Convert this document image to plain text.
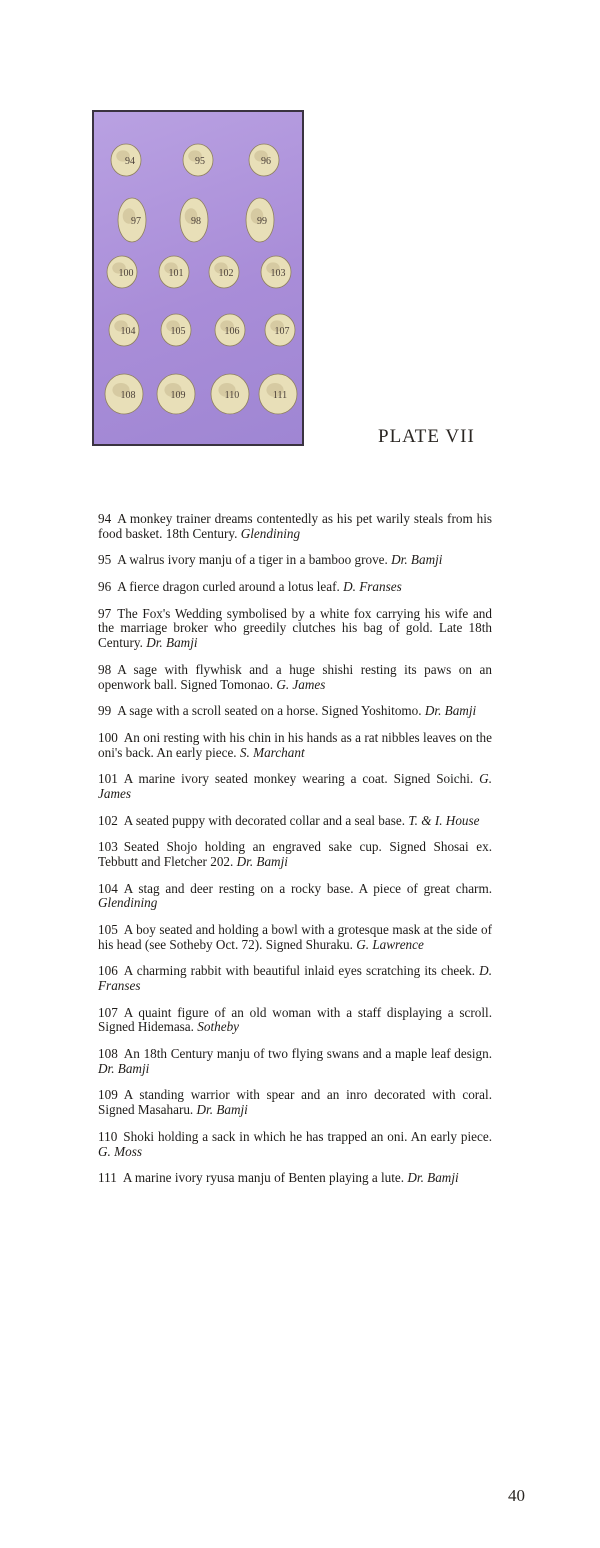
94	95	96
97	98	99
100	101	102	103
104	105	106	107
108	109	110	111
PLATE VII

94 A monkey trainer dreams contentedly as his pet warily steals from his food basket. 18th Century. Glendining

95 A walrus ivory manju of a tiger in a bamboo grove. Dr. Bamji

96 A fierce dragon curled around a lotus leaf. D. Franses

97 The Fox's Wedding symbolised by a white fox carrying his wife and the marriage broker who greedily clutches his bag of gold. Late 18th Century. Dr. Bamji

98 A sage with flywhisk and a huge shishi resting its paws on an openwork ball. Signed Tomonao. G. James

99 A sage with a scroll seated on a horse. Signed Yoshitomo. Dr. Bamji

100 An oni resting with his chin in his hands as a rat nibbles leaves on the oni's back. An early piece. S. Marchant

101 A marine ivory seated monkey wearing a coat. Signed Soichi. G. James

102 A seated puppy with decorated collar and a seal base. T. & I. House

103 Seated Shojo holding an engraved sake cup. Signed Shosai ex. Tebbutt and Fletcher 202. Dr. Bamji

104 A stag and deer resting on a rocky base. A piece of great charm. Glendining

105 A boy seated and holding a bowl with a grotesque mask at the side of his head (see Sotheby Oct. 72). Signed Shuraku. G. Lawrence

106 A charming rabbit with beautiful inlaid eyes scratching its cheek. D. Franses

107 A quaint figure of an old woman with a staff displaying a scroll. Signed Hidemasa. Sotheby

108 An 18th Century manju of two flying swans and a maple leaf design. Dr. Bamji

109 A standing warrior with spear and an inro decorated with coral. Signed Masaharu. Dr. Bamji

110 Shoki holding a sack in which he has trapped an oni. An early piece. G. Moss

111 A marine ivory ryusa manju of Benten playing a lute. Dr. Bamji

40
